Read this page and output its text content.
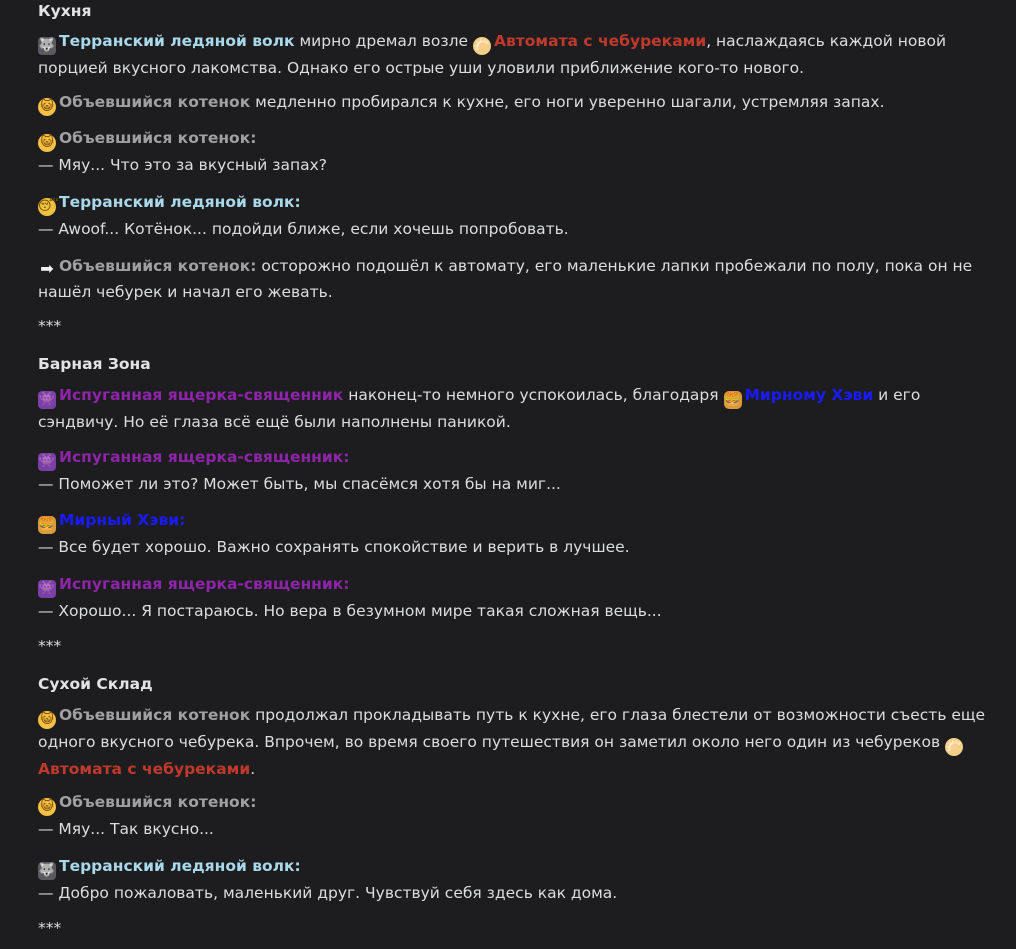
Кухня
🐺 Терранский ледяной волк мирно дремал возле 🥟 Автомата с чебуреками, наслаждаясь каждой новой порцией вкусного лакомства. Однако его острые уши уловили приближение кого-то нового.
😺 Объевшийся котенок медленно пробирался к кухне, его ноги уверенно шагали, устремляя запах.
😺 Объевшийся котенок:
— Мяу... Что это за вкусный запах?
😴Терранский ледяной волк:
— Awoof... Котёнок... подойди ближе, если хочешь попробовать.
➡ Объевшийся котенок: осторожно подошёл к автомату, его маленькие лапки пробежали по полу, пока он не нашёл чебурек и начал его жевать.
***
Барная Зона
👾 Испуганная ящерка-священник наконец-то немного успокоилась, благодаря 🍔 Мирному Хэви и его сэндвичу. Но её глаза всё ещё были наполнены паникой.
👾 Испуганная ящерка-священник:
— Поможет ли это? Может быть, мы спасёмся хотя бы на миг...
🍔 Мирный Хэви:
— Все будет хорошо. Важно сохранять спокойствие и верить в лучшее.
👾 Испуганная ящерка-священник:
— Хорошо... Я постараюсь. Но вера в безумном мире такая сложная вещь...
***
Сухой Склад
😺 Объевшийся котенок продолжал прокладывать путь к кухне, его глаза блестели от возможности съесть еще одного вкусного чебурека. Впрочем, во время своего путешествия он заметил около него один из чебуреков 🥟Автомата с чебуреками.
😺 Объевшийся котенок:
— Мяу... Так вкусно...
🐺 Терранский ледяной волк:
— Добро пожаловать, маленький друг. Чувствуй себя здесь как дома.
***
